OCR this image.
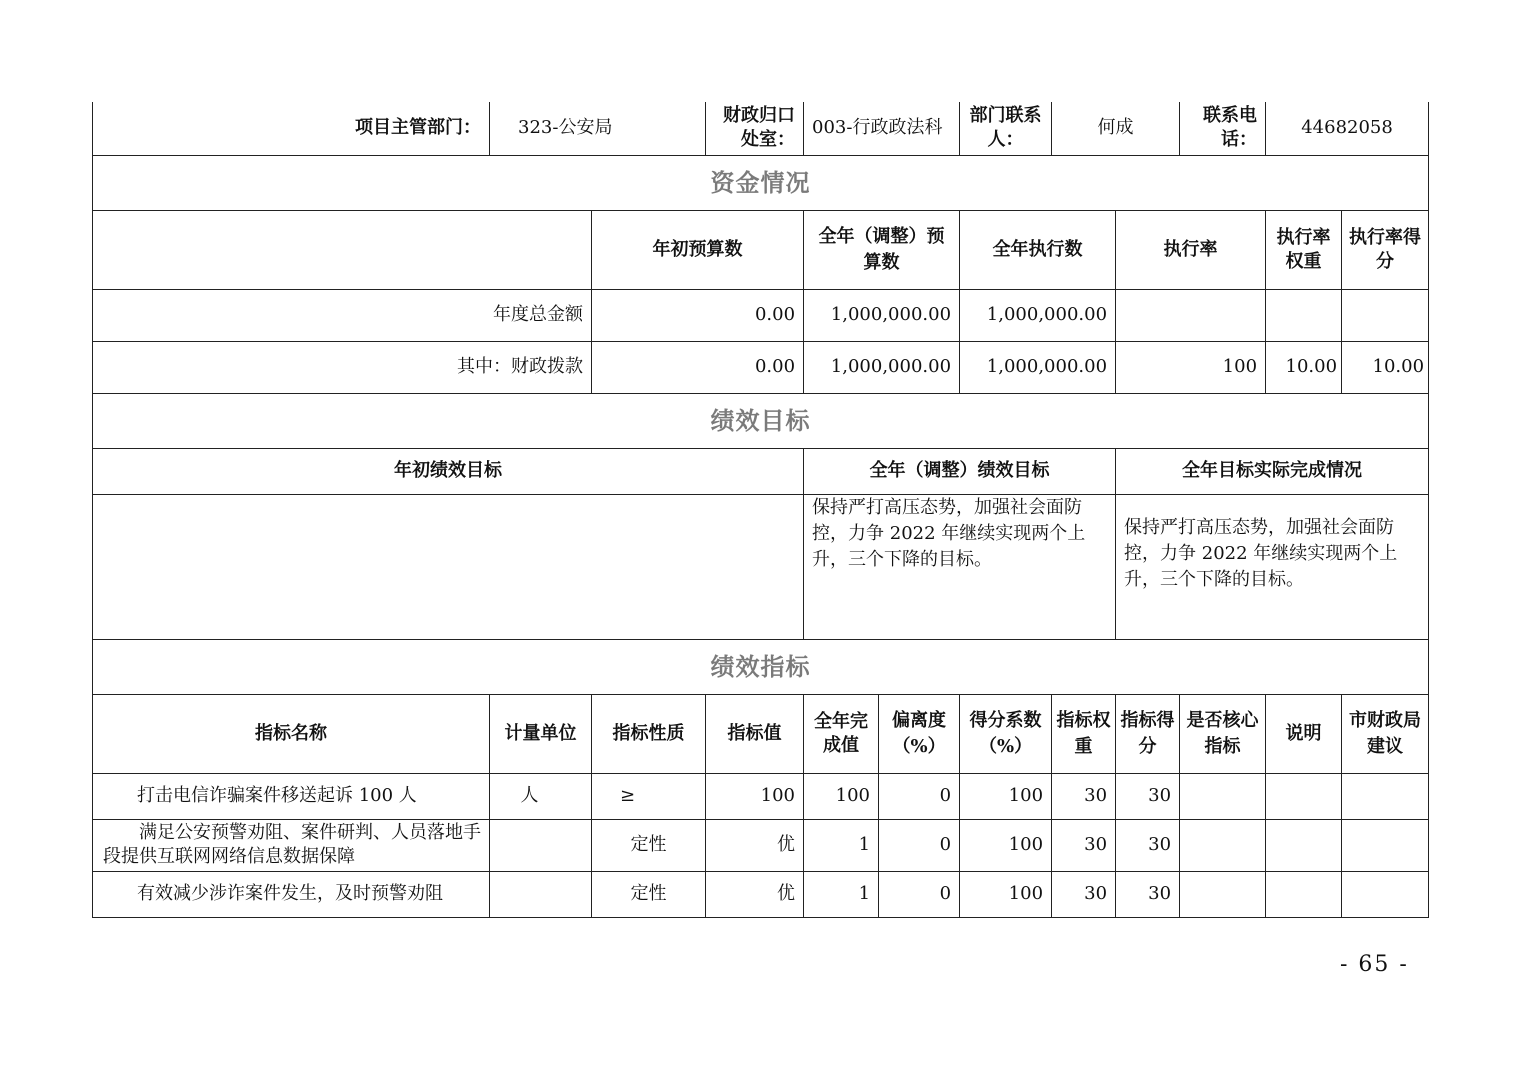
项目主管部门：	323-公安局		财政归口处室：	003-行政政法科		部门联系人：	何成		联系电话：	44682058	
资金情况											
		年初预算数		全年（调整）预算数		全年执行数		执行率		执行率权重	执行率得分
年度总金额		0.00		1,000,000.00		1,000,000.00					
其中：财政拨款		0.00		1,000,000.00		1,000,000.00		100		10.00	10.00
绩效目标											
年初绩效目标				全年（调整）绩效目标				全年目标实际完成情况			
				保持严打高压态势，加强社会面防控，力争 2022 年继续实现两个上升，三个下降的目标。				保持严打高压态势，加强社会面防控，力争 2022 年继续实现两个上升，三个下降的目标。			
绩效指标											
指标名称	计量单位	指标性质	指标值	全年完成值	偏离度（%）	得分系数（%）	指标权重	指标得分	是否核心指标	说明	市财政局建议
打击电信诈骗案件移送起诉 100 人	人	≥	100	100	0	100	30	30			
满足公安预警劝阻、案件研判、人员落地手段提供互联网网络信息数据保障		定性	优	1	0	100	30	30			
有效减少涉诈案件发生，及时预警劝阻		定性	优	1	0	100	30	30			
- 65 -
